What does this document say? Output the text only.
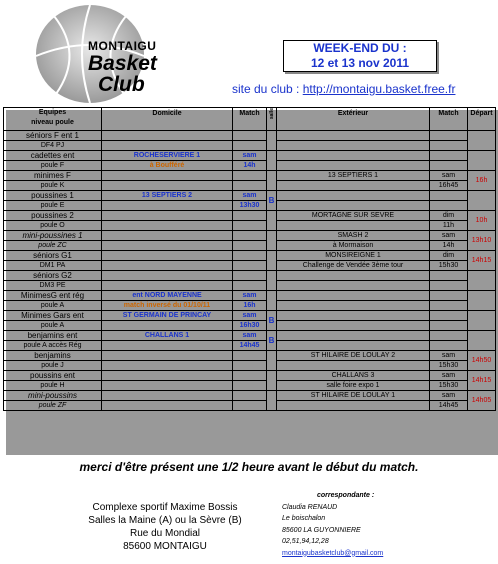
MONTAIGU
Basket
Club
WEEK-END DU :
12 et 13 nov 2011
site du club : http://montaigu.basket.free.fr
Equipes
niveau poule	Domicile	Match	salle	Extérieur	Match	Départ
séniors F ent 1						
DF4 PJ						
cadettes ent	ROCHESERVIERE 1	sam				
poule F	à Boufféré	14h				
minimes F				13 SEPTIERS 1	sam	16h
poule K					16h45	
poussines 1	13 SEPTIERS 2	sam	B			
poule E		13h30				
poussines 2				MORTAGNE SUR SEVRE	dim	10h
poule O					11h	
mini-poussines 1				SMASH 2	sam	13h10
poule ZC				à Mormaison	14h	
séniors G1				MONSIREIGNE 1	dim	14h15
DM1 PA				Challenge de Vendée 3ème tour	15h30	
séniors G2						
DM3 PE						
MinimesG ent rég	ent NORD MAYENNE	sam				
poule A	match inversé du 01/10/11	16h				
Minimes Gars ent	ST GERMAIN DE PRINCAY	sam	B			
poule A		16h30				
benjamins ent	CHALLANS 1	sam	B			
poule A accès Rég		14h45				
benjamins				ST HILAIRE DE LOULAY 2	sam	14h50
poule J					15h30	
poussins ent				CHALLANS 3	sam	14h15
poule H				salle foire expo 1	15h30	
mini-poussins				ST HILAIRE DE LOULAY 1	sam	14h05
poule ZF					14h45	
merci d'être présent une 1/2 heure avant le début du match.
Complexe sportif Maxime Bossis
Salles la Maine (A) ou la Sèvre (B)
Rue du Mondial
85600 MONTAIGU
correspondante :
Claudia RENAUD
Le boischalon
85600 LA GUYONNIERE
02,51,94,12,28
montaigubasketclub@gmail.com
